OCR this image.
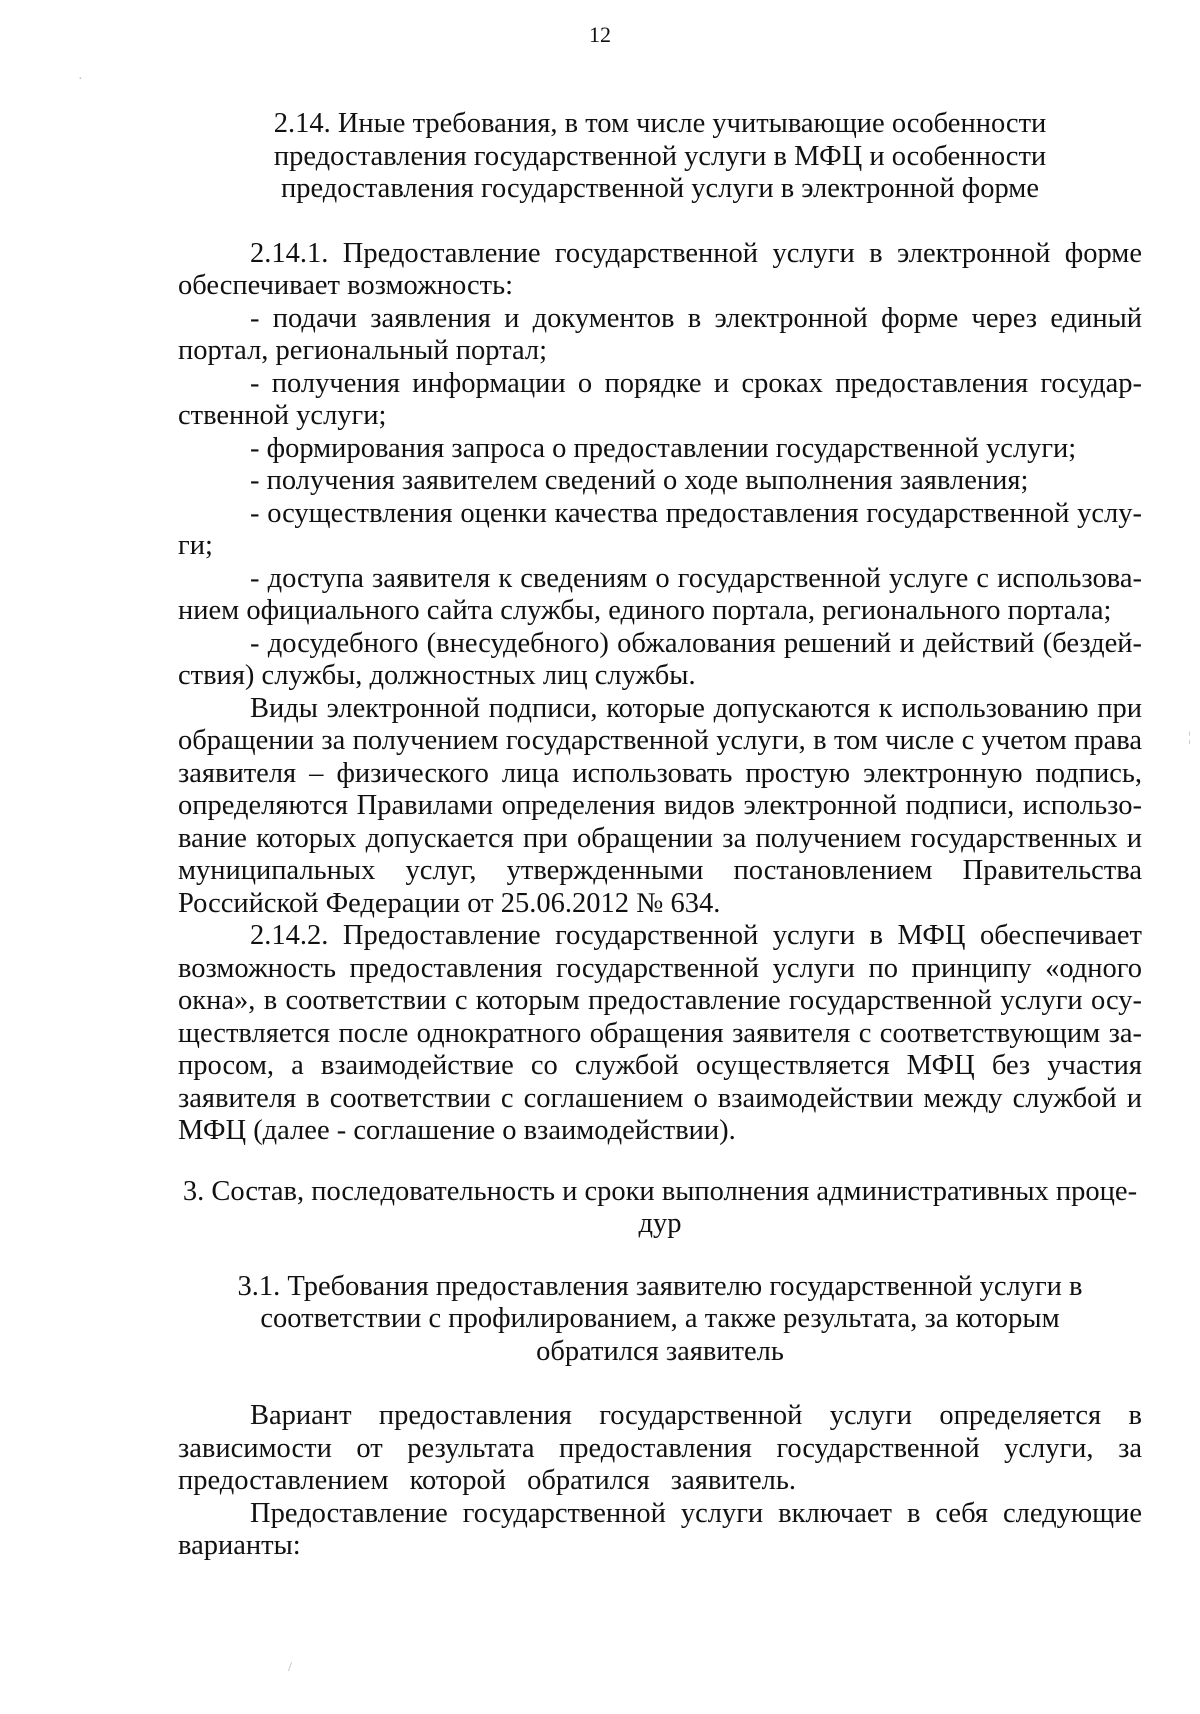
12

2.14. Иные требования, в том числе учитывающие особенности предоставления государственной услуги в МФЦ и особенности предоставления государственной услуги в электронной форме

2.14.1. Предоставление государственной услуги в электронной форме обеспечивает возможность:

- подачи заявления и документов в электронной форме через единый портал, региональный портал;

- получения информации о порядке и сроках предоставления государственной услуги;

- формирования запроса о предоставлении государственной услуги;

- получения заявителем сведений о ходе выполнения заявления;

- осуществления оценки качества предоставления государственной услуги;

- доступа заявителя к сведениям о государственной услуге с использованием официального сайта службы, единого портала, регионального портала;

- досудебного (внесудебного) обжалования решений и действий (бездействия) службы, должностных лиц службы.

Виды электронной подписи, которые допускаются к использованию при обращении за получением государственной услуги, в том числе с учетом права заявителя – физического лица использовать простую электронную подпись, определяются Правилами определения видов электронной подписи, использование которых допускается при обращении за получением государственных и муниципальных услуг, утвержденными постановлением Правительства Российской Федерации от 25.06.2012 № 634.

2.14.2. Предоставление государственной услуги в МФЦ обеспечивает возможность предоставления государственной услуги по принципу «одного окна», в соответствии с которым предоставление государственной услуги осуществляется после однократного обращения заявителя с соответствующим запросом, а взаимодействие со службой осуществляется МФЦ без участия заявителя в соответствии с соглашением о взаимодействии между службой и МФЦ (далее - соглашение о взаимодействии).

3. Состав, последовательность и сроки выполнения административных процедур

3.1. Требования предоставления заявителю государственной услуги в соответствии с профилированием, а также результата, за которым обратился заявитель

Вариант предоставления государственной услуги определяется в зависимости от результата предоставления государственной услуги, за предоставлением которой обратился заявитель.

Предоставление государственной услуги включает в себя следующие варианты:

·
¦
/
